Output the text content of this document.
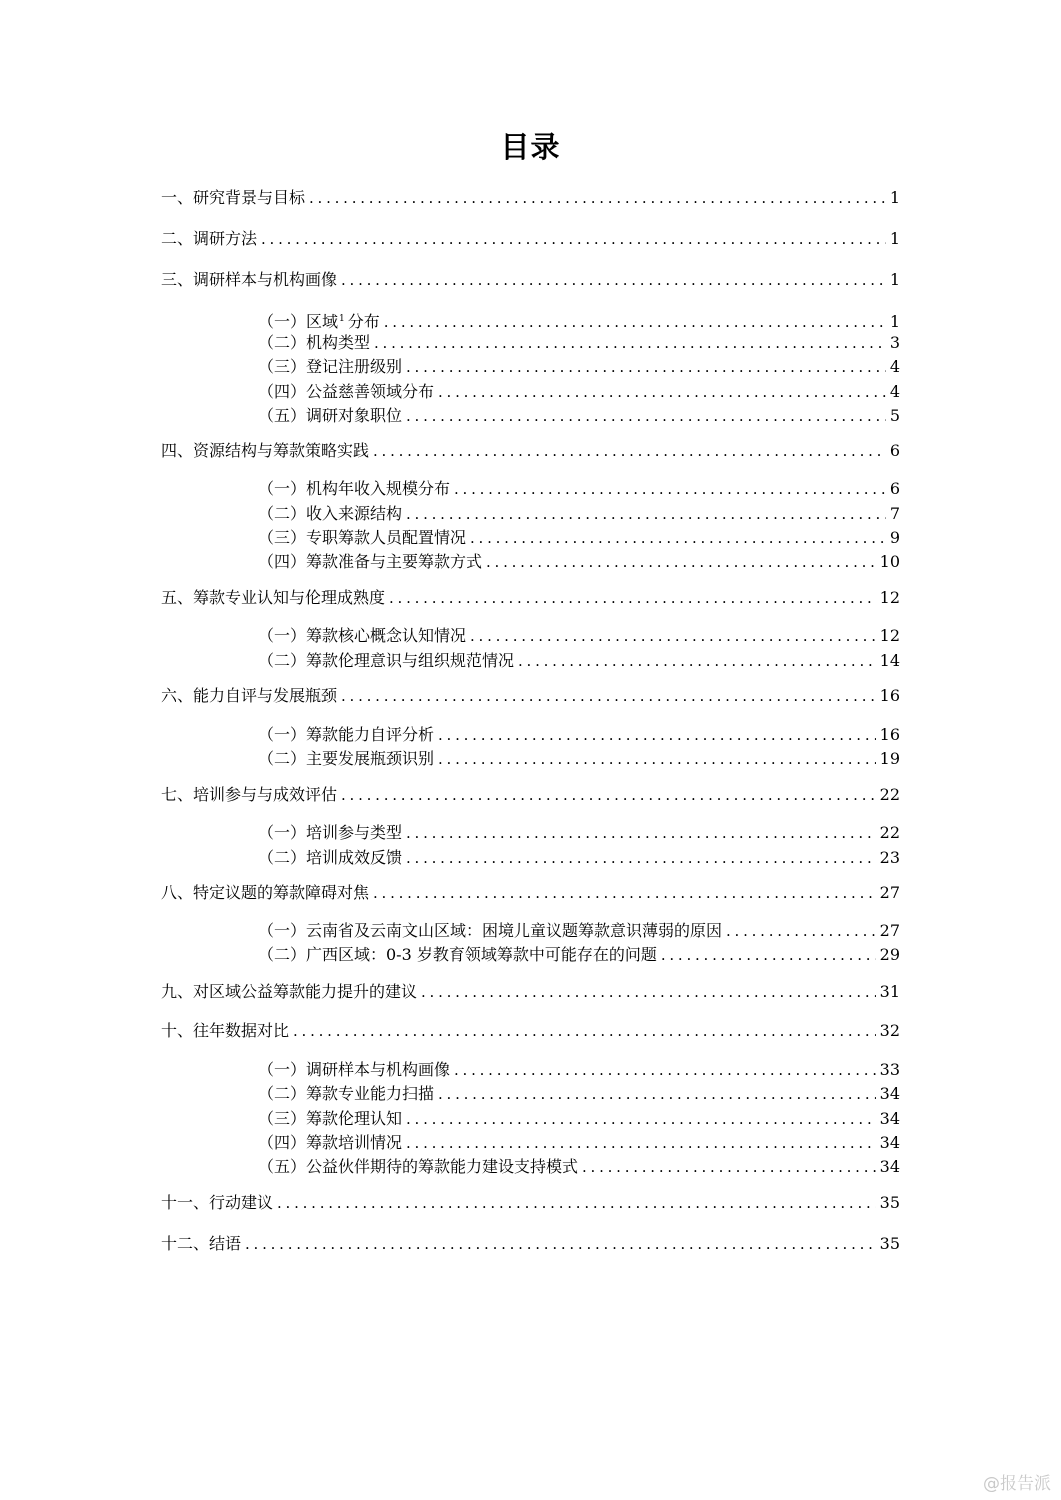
目录
一、研究背景与目标 . . .	1
二、调研方法 . . .	1
三、调研样本与机构画像 . . .	1
（一）区域$^1$ 分布 . . .	1
（二）机构类型 . . .	3
（三）登记注册级别 . . .	4
（四）公益慈善领域分布 . . .	4
（五）调研对象职位 . . .	5
四、资源结构与筹款策略实践 . . .	6
（一）机构年收入规模分布 . . .	6
（二）收入来源结构 . . .	7
（三）专职筹款人员配置情况 . . .	9
（四）筹款准备与主要筹款方式 . . .	10
五、筹款专业认知与伦理成熟度 . . .	12
（一）筹款核心概念认知情况 . . .	12
（二）筹款伦理意识与组织规范情况 . . .	14
六、能力自评与发展瓶颈 . . .	16
（一）筹款能力自评分析 . . .	16
（二）主要发展瓶颈识别 . . .	19
七、培训参与与成效评估 . . .	22
（一）培训参与类型 . . .	22
（二）培训成效反馈 . . .	23
八、特定议题的筹款障碍对焦 . . .	27
（一）云南省及云南文山区域：困境儿童议题筹款意识薄弱的原因 . . .	27
（二）广西区域：0-3 岁教育领域筹款中可能存在的问题 . . .	29
九、对区域公益筹款能力提升的建议 . . .	31
十、往年数据对比 . . .	32
（一）调研样本与机构画像 . . .	33
（二）筹款专业能力扫描 . . .	34
（三）筹款伦理认知 . . .	34
（四）筹款培训情况 . . .	34
（五）公益伙伴期待的筹款能力建设支持模式 . . .	34
十一、行动建议 . . .	35
十二、结语 . . .	35
@报告派
